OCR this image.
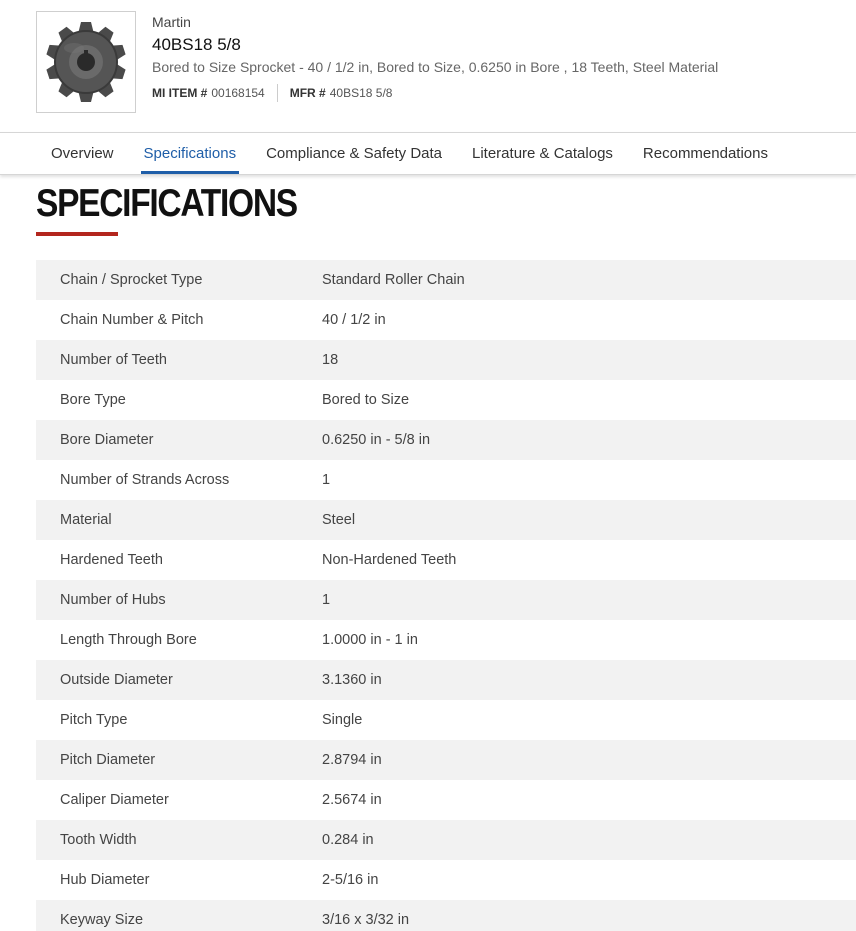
Martin
40BS18 5/8
Bored to Size Sprocket - 40 / 1/2 in, Bored to Size, 0.6250 in Bore , 18 Teeth, Steel Material
MI ITEM # 00168154 MFR # 40BS18 5/8
Overview	Specifications	Compliance & Safety Data	Literature & Catalogs	Recommendations
SPECIFICATIONS
Chain / Sprocket Type	Standard Roller Chain
Chain Number & Pitch	40 / 1/2 in
Number of Teeth	18
Bore Type	Bored to Size
Bore Diameter	0.6250 in - 5/8 in
Number of Strands Across	1
Material	Steel
Hardened Teeth	Non-Hardened Teeth
Number of Hubs	1
Length Through Bore	1.0000 in - 1 in
Outside Diameter	3.1360 in
Pitch Type	Single
Pitch Diameter	2.8794 in
Caliper Diameter	2.5674 in
Tooth Width	0.284 in
Hub Diameter	2-5/16 in
Keyway Size	3/16 x 3/32 in
